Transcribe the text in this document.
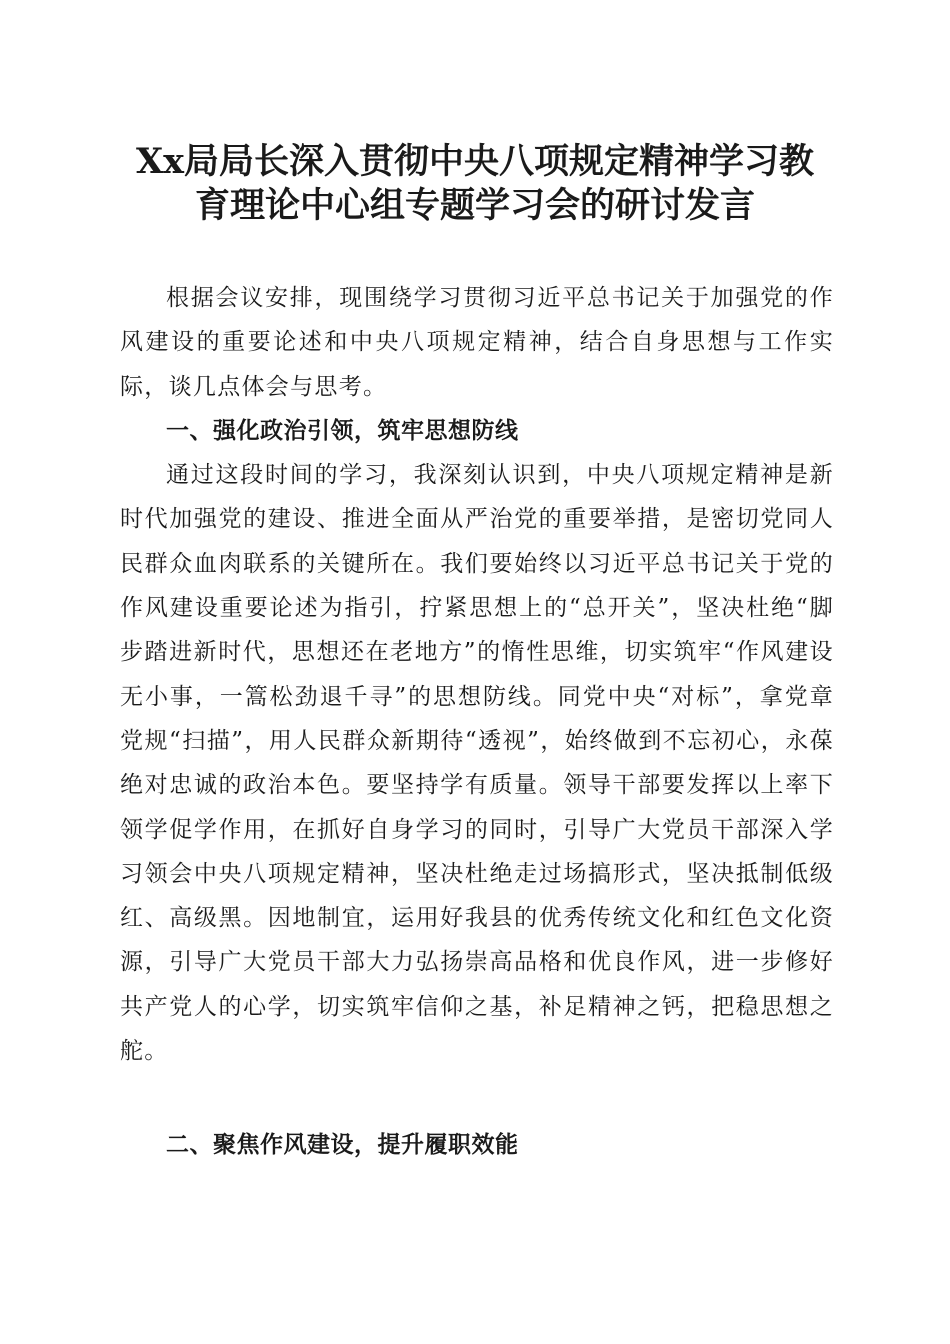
Xx局局长深入贯彻中央八项规定精神学习教
育理论中心组专题学习会的研讨发言

根据会议安排，现围绕学习贯彻习近平总书记关于加强党的作风建设的重要论述和中央八项规定精神，结合自身思想与工作实际，谈几点体会与思考。

一、强化政治引领，筑牢思想防线

通过这段时间的学习，我深刻认识到，中央八项规定精神是新时代加强党的建设、推进全面从严治党的重要举措，是密切党同人民群众血肉联系的关键所在。我们要始终以习近平总书记关于党的作风建设重要论述为指引，拧紧思想上的“总开关”，坚决杜绝“脚步踏进新时代，思想还在老地方”的惰性思维，切实筑牢“作风建设无小事，一篙松劲退千寻”的思想防线。同党中央“对标”，拿党章党规“扫描”，用人民群众新期待“透视”，始终做到不忘初心，永葆绝对忠诚的政治本色。要坚持学有质量。领导干部要发挥以上率下领学促学作用，在抓好自身学习的同时，引导广大党员干部深入学习领会中央八项规定精神，坚决杜绝走过场搞形式，坚决抵制低级红、高级黑。因地制宜，运用好我县的优秀传统文化和红色文化资源，引导广大党员干部大力弘扬崇高品格和优良作风，进一步修好共产党人的心学，切实筑牢信仰之基，补足精神之钙，把稳思想之舵。

二、聚焦作风建设，提升履职效能
